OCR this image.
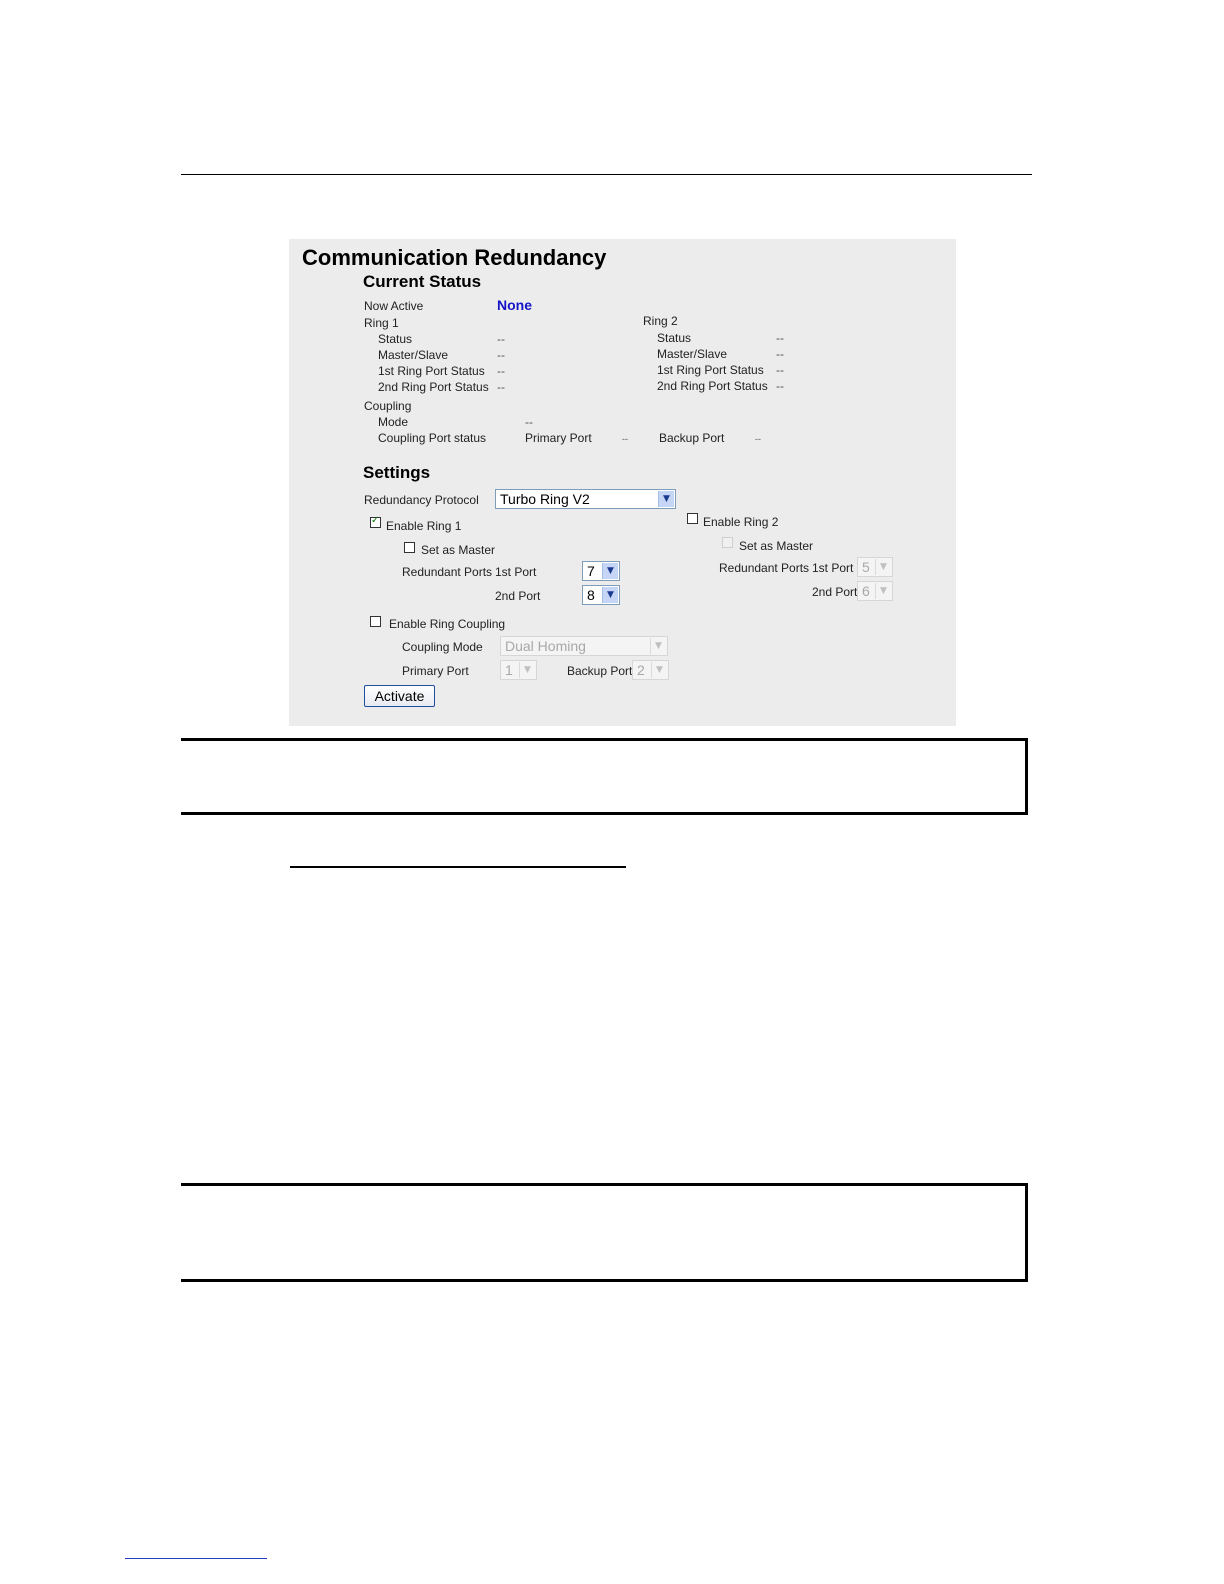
Communication Redundancy
Current Status
Now Active	None
Ring 1
Status	--
Master/Slave	--
1st Ring Port Status --
2nd Ring Port Status --
Ring 2
Status	--
Master/Slave	--
1st Ring Port Status --
2nd Ring Port Status --
Coupling
Mode	--
Coupling Port status	Primary Port	--	Backup Port	--
Settings
Redundancy Protocol	Turbo Ring V2	▼
✓
Enable Ring 1
Set as Master
Redundant Ports 1st Port	7	▼
2nd Port	8	▼
Enable Ring 2
Set as Master
Redundant Ports 1st Port 5	▼
2nd Port 6	▼
Enable Ring Coupling
Coupling Mode	Dual Homing	▼
Primary Port	1	▼	Backup Port 2	▼
Activate
